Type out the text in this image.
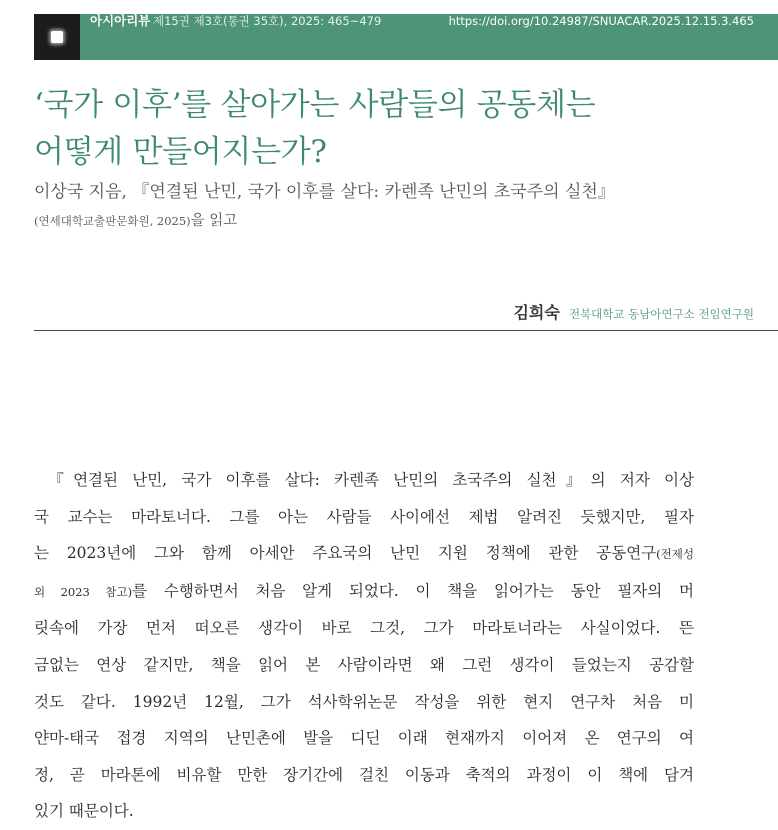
아시아리뷰 제15권 제3호(통권 35호), 2025: 465~479	https://doi.org/10.24987/SNUACAR.2025.12.15.3.465
‘국가 이후’를 살아가는 사람들의 공동체는
어떻게 만들어지는가?
이상국 지음, 『연결된 난민, 국가 이후를 살다: 카렌족 난민의 초국주의 실천』
(연세대학교출판문화원, 2025)을 읽고
김희숙 전북대학교 동남아연구소 전임연구원

『연결된 난민, 국가 이후를 살다: 카렌족 난민의 초국주의 실천』의 저자 이상
국 교수는 마라토너다. 그를 아는 사람들 사이에선 제법 알려진 듯했지만, 필자
는 2023년에 그와 함께 아세안 주요국의 난민 지원 정책에 관한 공동연구(전제성
외 2023 참고)를 수행하면서 처음 알게 되었다. 이 책을 읽어가는 동안 필자의 머
릿속에 가장 먼저 떠오른 생각이 바로 그것, 그가 마라토너라는 사실이었다. 뜬
금없는 연상 같지만, 책을 읽어 본 사람이라면 왜 그런 생각이 들었는지 공감할
것도 같다. 1992년 12월, 그가 석사학위논문 작성을 위한 현지 연구차 처음 미
얀마-태국 접경 지역의 난민촌에 발을 디딘 이래 현재까지 이어져 온 연구의 여
정, 곧 마라톤에 비유할 만한 장기간에 걸친 이동과 축적의 과정이 이 책에 담겨
있기 때문이다.
